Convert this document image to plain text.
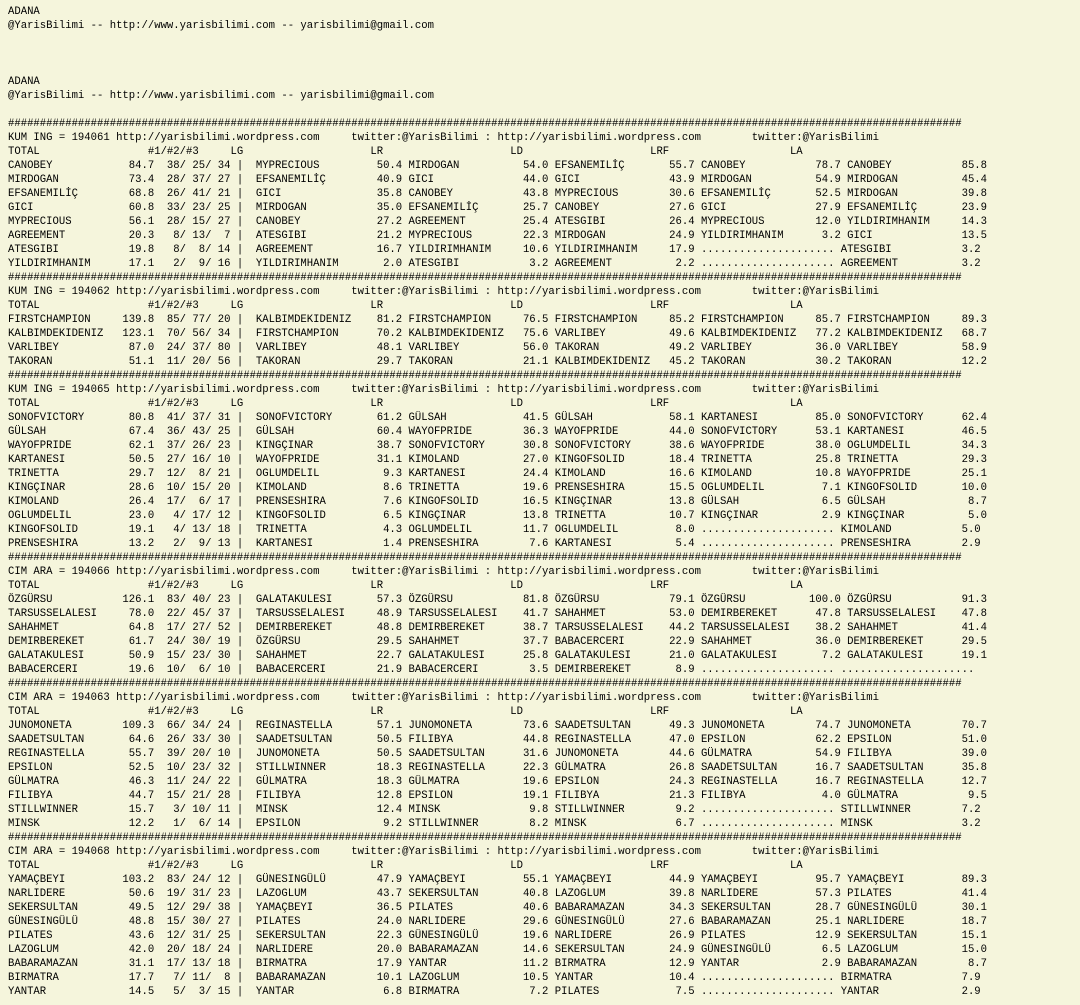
ADANA
@YarisBilimi -- http://www.yarisbilimi.com -- yarisbilimi@gmail.com
ADANA
@YarisBilimi -- http://www.yarisbilimi.com -- yarisbilimi@gmail.com
######################################################################################################################################################
KUM ING = 194061 http://yarisbilimi.wordpress.com     twitter:@YarisBilimi : http://yarisbilimi.wordpress.com        twitter:@YarisBilimi
TOTAL                 #1/#2/#3     LG                    LR                    LD                    LRF                   LA
CANOBEY            84.7  38/ 25/ 34 |  MYPRECIOUS         50.4 MIRDOGAN          54.0 EFSANEMILİÇ       55.7 CANOBEY           78.7 CANOBEY           85.8
MIRDOGAN           73.4  28/ 37/ 27 |  EFSANEMILİÇ        40.9 GICI              44.0 GICI              43.9 MIRDOGAN          54.9 MIRDOGAN          45.4
EFSANEMILİÇ        68.8  26/ 41/ 21 |  GICI               35.8 CANOBEY           43.8 MYPRECIOUS        30.6 EFSANEMILİÇ       52.5 MIRDOGAN          39.8
GICI               60.8  33/ 23/ 25 |  MIRDOGAN           35.0 EFSANEMILİÇ       25.7 CANOBEY           27.6 GICI              27.9 EFSANEMILİÇ       23.9
MYPRECIOUS         56.1  28/ 15/ 27 |  CANOBEY            27.2 AGREEMENT         25.4 ATESGIBI          26.4 MYPRECIOUS        12.0 YILDIRIMHANIM     14.3
AGREEMENT          20.3   8/ 13/  7 |  ATESGIBI           21.2 MYPRECIOUS        22.3 MIRDOGAN          24.9 YILDIRIMHANIM      3.2 GICI              13.5
ATESGIBI           19.8   8/  8/ 14 |  AGREEMENT          16.7 YILDIRIMHANIM     10.6 YILDIRIMHANIM     17.9 ..................... ATESGIBI           3.2
YILDIRIMHANIM      17.1   2/  9/ 16 |  YILDIRIMHANIM       2.0 ATESGIBI           3.2 AGREEMENT          2.2 ..................... AGREEMENT          3.2
######################################################################################################################################################
KUM ING = 194062 http://yarisbilimi.wordpress.com     twitter:@YarisBilimi : http://yarisbilimi.wordpress.com        twitter:@YarisBilimi
TOTAL                 #1/#2/#3     LG                    LR                    LD                    LRF                   LA
FIRSTCHAMPION     139.8  85/ 77/ 20 |  KALBIMDEKIDENIZ    81.2 FIRSTCHAMPION     76.5 FIRSTCHAMPION     85.2 FIRSTCHAMPION     85.7 FIRSTCHAMPION     89.3
KALBIMDEKIDENIZ   123.1  70/ 56/ 34 |  FIRSTCHAMPION      70.2 KALBIMDEKIDENIZ   75.6 VARLIBEY          49.6 KALBIMDEKIDENIZ   77.2 KALBIMDEKIDENIZ   68.7
VARLIBEY           87.0  24/ 37/ 80 |  VARLIBEY           48.1 VARLIBEY          56.0 TAKORAN           49.2 VARLIBEY          36.0 VARLIBEY          58.9
TAKORAN            51.1  11/ 20/ 56 |  TAKORAN            29.7 TAKORAN           21.1 KALBIMDEKIDENIZ   45.2 TAKORAN           30.2 TAKORAN           12.2
######################################################################################################################################################
KUM ING = 194065 http://yarisbilimi.wordpress.com     twitter:@YarisBilimi : http://yarisbilimi.wordpress.com        twitter:@YarisBilimi
TOTAL                 #1/#2/#3     LG                    LR                    LD                    LRF                   LA
SONOFVICTORY       80.8  41/ 37/ 31 |  SONOFVICTORY       61.2 GÜLSAH            41.5 GÜLSAH            58.1 KARTANESI         85.0 SONOFVICTORY      62.4
GÜLSAH             67.4  36/ 43/ 25 |  GÜLSAH             60.4 WAYOFPRIDE        36.3 WAYOFPRIDE        44.0 SONOFVICTORY      53.1 KARTANESI         46.5
WAYOFPRIDE         62.1  37/ 26/ 23 |  KINGÇINAR          38.7 SONOFVICTORY      30.8 SONOFVICTORY      38.6 WAYOFPRIDE        38.0 OGLUMDELIL        34.3
KARTANESI          50.5  27/ 16/ 10 |  WAYOFPRIDE         31.1 KIMOLAND          27.0 KINGOFSOLID       18.4 TRINETTA          25.8 TRINETTA          29.3
TRINETTA           29.7  12/  8/ 21 |  OGLUMDELIL          9.3 KARTANESI         24.4 KIMOLAND          16.6 KIMOLAND          10.8 WAYOFPRIDE        25.1
KINGÇINAR          28.6  10/ 15/ 20 |  KIMOLAND            8.6 TRINETTA          19.6 PRENSESHIRA       15.5 OGLUMDELIL         7.1 KINGOFSOLID       10.0
KIMOLAND           26.4  17/  6/ 17 |  PRENSESHIRA         7.6 KINGOFSOLID       16.5 KINGÇINAR         13.8 GÜLSAH             6.5 GÜLSAH             8.7
OGLUMDELIL         23.0   4/ 17/ 12 |  KINGOFSOLID         6.5 KINGÇINAR         13.8 TRINETTA          10.7 KINGÇINAR          2.9 KINGÇINAR          5.0
KINGOFSOLID        19.1   4/ 13/ 18 |  TRINETTA            4.3 OGLUMDELIL        11.7 OGLUMDELIL         8.0 ..................... KIMOLAND           5.0
PRENSESHIRA        13.2   2/  9/ 13 |  KARTANESI           1.4 PRENSESHIRA        7.6 KARTANESI          5.4 ..................... PRENSESHIRA        2.9
######################################################################################################################################################
CIM ARA = 194066 http://yarisbilimi.wordpress.com     twitter:@YarisBilimi : http://yarisbilimi.wordpress.com        twitter:@YarisBilimi
TOTAL                 #1/#2/#3     LG                    LR                    LD                    LRF                   LA
ÖZGÜRSU           126.1  83/ 40/ 23 |  GALATAKULESI       57.3 ÖZGÜRSU           81.8 ÖZGÜRSU           79.1 ÖZGÜRSU          100.0 ÖZGÜRSU           91.3
TARSUSSELALESI     78.0  22/ 45/ 37 |  TARSUSSELALESI     48.9 TARSUSSELALESI    41.7 SAHAHMET          53.0 DEMIRBEREKET      47.8 TARSUSSELALESI    47.8
SAHAHMET           64.8  17/ 27/ 52 |  DEMIRBEREKET       48.8 DEMIRBEREKET      38.7 TARSUSSELALESI    44.2 TARSUSSELALESI    38.2 SAHAHMET          41.4
DEMIRBEREKET       61.7  24/ 30/ 19 |  ÖZGÜRSU            29.5 SAHAHMET          37.7 BABACERCERI       22.9 SAHAHMET          36.0 DEMIRBEREKET      29.5
GALATAKULESI       50.9  15/ 23/ 30 |  SAHAHMET           22.7 GALATAKULESI      25.8 GALATAKULESI      21.0 GALATAKULESI       7.2 GALATAKULESI      19.1
BABACERCERI        19.6  10/  6/ 10 |  BABACERCERI        21.9 BABACERCERI        3.5 DEMIRBEREKET       8.9 ..................... .....................
######################################################################################################################################################
CIM ARA = 194063 http://yarisbilimi.wordpress.com     twitter:@YarisBilimi : http://yarisbilimi.wordpress.com        twitter:@YarisBilimi
TOTAL                 #1/#2/#3     LG                    LR                    LD                    LRF                   LA
JUNOMONETA        109.3  66/ 34/ 24 |  REGINASTELLA       57.1 JUNOMONETA        73.6 SAADETSULTAN      49.3 JUNOMONETA        74.7 JUNOMONETA        70.7
SAADETSULTAN       64.6  26/ 33/ 30 |  SAADETSULTAN       50.5 FILIBYA           44.8 REGINASTELLA      47.0 EPSILON           62.2 EPSILON           51.0
REGINASTELLA       55.7  39/ 20/ 10 |  JUNOMONETA         50.5 SAADETSULTAN      31.6 JUNOMONETA        44.6 GÜLMATRA          54.9 FILIBYA           39.0
EPSILON            52.5  10/ 23/ 32 |  STILLWINNER        18.3 REGINASTELLA      22.3 GÜLMATRA          26.8 SAADETSULTAN      16.7 SAADETSULTAN      35.8
GÜLMATRA           46.3  11/ 24/ 22 |  GÜLMATRA           18.3 GÜLMATRA          19.6 EPSILON           24.3 REGINASTELLA      16.7 REGINASTELLA      12.7
FILIBYA            44.7  15/ 21/ 28 |  FILIBYA            12.8 EPSILON           19.1 FILIBYA           21.3 FILIBYA            4.0 GÜLMATRA           9.5
STILLWINNER        15.7   3/ 10/ 11 |  MINSK              12.4 MINSK              9.8 STILLWINNER        9.2 ..................... STILLWINNER        7.2
MINSK              12.2   1/  6/ 14 |  EPSILON             9.2 STILLWINNER        8.2 MINSK              6.7 ..................... MINSK              3.2
######################################################################################################################################################
CIM ARA = 194068 http://yarisbilimi.wordpress.com     twitter:@YarisBilimi : http://yarisbilimi.wordpress.com        twitter:@YarisBilimi
TOTAL                 #1/#2/#3     LG                    LR                    LD                    LRF                   LA
YAMAÇBEYI         103.2  83/ 24/ 12 |  GÜNESINGÜLÜ        47.9 YAMAÇBEYI         55.1 YAMAÇBEYI         44.9 YAMAÇBEYI         95.7 YAMAÇBEYI         89.3
NARLIDERE          50.6  19/ 31/ 23 |  LAZOGLUM           43.7 SEKERSULTAN       40.8 LAZOGLUM          39.8 NARLIDERE         57.3 PILATES           41.4
SEKERSULTAN        49.5  12/ 29/ 38 |  YAMAÇBEYI          36.5 PILATES           40.6 BABARAMAZAN       34.3 SEKERSULTAN       28.7 GÜNESINGÜLÜ       30.1
GÜNESINGÜLÜ        48.8  15/ 30/ 27 |  PILATES            24.0 NARLIDERE         29.6 GÜNESINGÜLÜ       27.6 BABARAMAZAN       25.1 NARLIDERE         18.7
PILATES            43.6  12/ 31/ 25 |  SEKERSULTAN        22.3 GÜNESINGÜLÜ       19.6 NARLIDERE         26.9 PILATES           12.9 SEKERSULTAN       15.1
LAZOGLUM           42.0  20/ 18/ 24 |  NARLIDERE          20.0 BABARAMAZAN       14.6 SEKERSULTAN       24.9 GÜNESINGÜLÜ        6.5 LAZOGLUM          15.0
BABARAMAZAN        31.1  17/ 13/ 18 |  BIRMATRA           17.9 YANTAR            11.2 BIRMATRA          12.9 YANTAR             2.9 BABARAMAZAN        8.7
BIRMATRA           17.7   7/ 11/  8 |  BABARAMAZAN        10.1 LAZOGLUM          10.5 YANTAR            10.4 ..................... BIRMATRA           7.9
YANTAR             14.5   5/  3/ 15 |  YANTAR              6.8 BIRMATRA           7.2 PILATES            7.5 ..................... YANTAR             2.9
